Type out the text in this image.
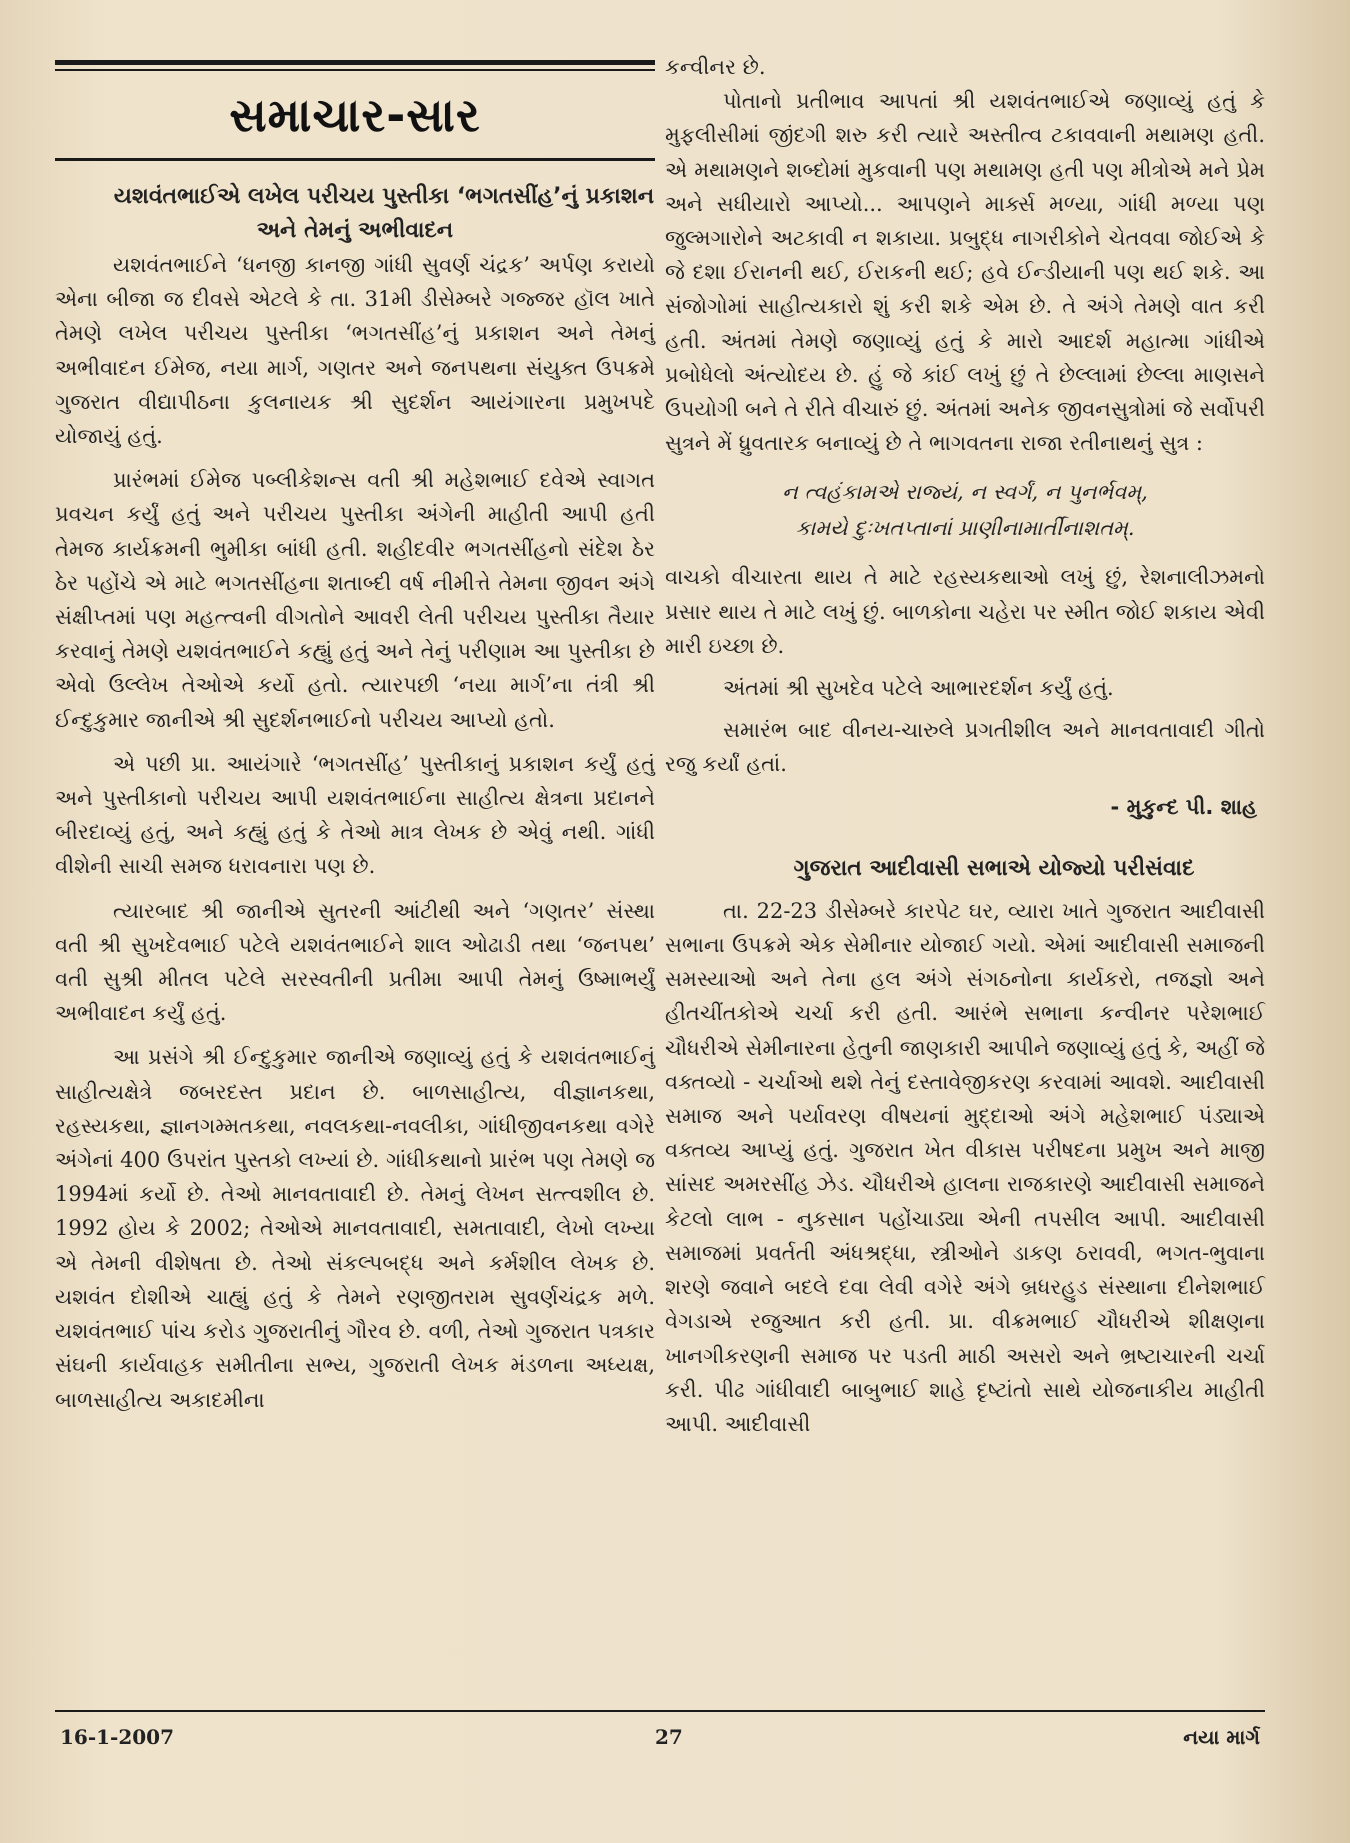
સમાચાર-સાર

યશવંતભાઈએ લખેલ પરીચય પુસ્તીકા ‘ભગતસીંહ’નું પ્રકાશન અને તેમનું અભીવાદન

યશવંતભાઈને ‘ધનજી કાનજી ગાંધી સુવર્ણ ચંદ્રક’ અર્પણ કરાયો એના બીજા જ દીવસે એટલે કે તા. 31મી ડીસેમ્બરે ગજ્જર હૉલ ખાતે તેમણે લખેલ પરીચય પુસ્તીકા ‘ભગતસીંહ’નું પ્રકાશન અને તેમનું અભીવાદન ઈમેજ, નયા માર્ગ, ગણતર અને જનપથના સંયુક્ત ઉપક્રમે ગુજરાત વીદ્યાપીઠના કુલનાયક શ્રી સુદર્શન આયંગારના પ્રમુખપદે યોજાયું હતું.

પ્રારંભમાં ઈમેજ પબ્લીકેશન્સ વતી શ્રી મહેશભાઈ દવેએ સ્વાગત પ્રવચન કર્યું હતું અને પરીચય પુસ્તીકા અંગેની માહીતી આપી હતી તેમજ કાર્યક્રમની ભુમીકા બાંધી હતી. શહીદવીર ભગતસીંહનો સંદેશ ઠેર ઠેર પહોંચે એ માટે ભગતસીંહના શતાબ્દી વર્ષ નીમીત્તે તેમના જીવન અંગે સંક્ષીપ્તમાં પણ મહત્ત્વની વીગતોને આવરી લેતી પરીચય પુસ્તીકા તૈયાર કરવાનું તેમણે યશવંતભાઈને કહ્યું હતું અને તેનું પરીણામ આ પુસ્તીકા છે એવો ઉલ્લેખ તેઓએ કર્યો હતો. ત્યારપછી ‘નયા માર્ગ’ના તંત્રી શ્રી ઈન્દુકુમાર જાનીએ શ્રી સુદર્શનભાઈનો પરીચય આપ્યો હતો.

એ પછી પ્રા. આયંગારે ‘ભગતસીંહ’ પુસ્તીકાનું પ્રકાશન કર્યું હતું અને પુસ્તીકાનો પરીચય આપી યશવંતભાઈના સાહીત્ય ક્ષેત્રના પ્રદાનને બીરદાવ્યું હતું, અને કહ્યું હતું કે તેઓ માત્ર લેખક છે એવું નથી. ગાંધી વીશેની સાચી સમજ ધરાવનારા પણ છે.

ત્યારબાદ શ્રી જાનીએ સુતરની આંટીથી અને ‘ગણતર’ સંસ્થા વતી શ્રી સુખદેવભાઈ પટેલે યશવંતભાઈને શાલ ઓઢાડી તથા ‘જનપથ’ વતી સુશ્રી મીતલ પટેલે સરસ્વતીની પ્રતીમા આપી તેમનું ઉષ્માભર્યું અભીવાદન કર્યું હતું.

આ પ્રસંગે શ્રી ઈન્દુકુમાર જાનીએ જણાવ્યું હતું કે યશવંતભાઈનું સાહીત્યક્ષેત્રે જબરદસ્ત પ્રદાન છે. બાળસાહીત્ય, વીજ્ઞાનકથા, રહસ્યકથા, જ્ઞાનગમ્મતકથા, નવલકથા-નવલીકા, ગાંધીજીવનકથા વગેરે અંગેનાં 400 ઉપરાંત પુસ્તકો લખ્યાં છે. ગાંધીકથાનો પ્રારંભ પણ તેમણે જ 1994માં કર્યો છે. તેઓ માનવતાવાદી છે. તેમનું લેખન સત્ત્વશીલ છે. 1992 હોય કે 2002; તેઓએ માનવતાવાદી, સમતાવાદી, લેખો લખ્યા એ તેમની વીશેષતા છે. તેઓ સંકલ્પબદ્ધ અને કર્મશીલ લેખક છે. યશવંત દોશીએ ચાહ્યું હતું કે તેમને રણજીતરામ સુવર્ણચંદ્રક મળે. યશવંતભાઈ પાંચ કરોડ ગુજરાતીનું ગૌરવ છે. વળી, તેઓ ગુજરાત પત્રકાર સંઘની કાર્યવાહક સમીતીના સભ્ય, ગુજરાતી લેખક મંડળના અધ્યક્ષ, બાળસાહીત્ય અકાદમીના

કન્વીનર છે.

પોતાનો પ્રતીભાવ આપતાં શ્રી યશવંતભાઈએ જણાવ્યું હતું કે મુફલીસીમાં જીંદગી શરુ કરી ત્યારે અસ્તીત્વ ટકાવવાની મથામણ હતી. એ મથામણને શબ્દોમાં મુકવાની પણ મથામણ હતી પણ મીત્રોએ મને પ્રેમ અને સધીયારો આપ્યો... આપણને માર્ક્સ મળ્યા, ગાંધી મળ્યા પણ જુલ્મગારોને અટકાવી ન શકાયા. પ્રબુદ્ધ નાગરીકોને ચેતવવા જોઈએ કે જે દશા ઈરાનની થઈ, ઈરાકની થઈ; હવે ઈન્ડીયાની પણ થઈ શકે. આ સંજોગોમાં સાહીત્યકારો શું કરી શકે એમ છે. તે અંગે તેમણે વાત કરી હતી. અંતમાં તેમણે જણાવ્યું હતું કે મારો આદર્શ મહાત્મા ગાંધીએ પ્રબોધેલો અંત્યોદય છે. હું જે કાંઈ લખું છું તે છેલ્લામાં છેલ્લા માણસને ઉપયોગી બને તે રીતે વીચારું છું. અંતમાં અનેક જીવનસુત્રોમાં જે સર્વોપરી સુત્રને મેં ધ્રુવતારક બનાવ્યું છે તે ભાગવતના રાજા રતીનાથનું સુત્ર :

ન ત્વહંકામએ રાજ્યં, ન સ્વર્ગં, ન પુનર્ભવમ્,
કામયે દુઃખતપ્તાનાં પ્રાણીનામાર્તીનાશતમ્.

વાચકો વીચારતા થાય તે માટે રહસ્યકથાઓ લખું છું, રેશનાલીઝમનો પ્રસાર થાય તે માટે લખું છું. બાળકોના ચહેરા પર સ્મીત જોઈ શકાય એવી મારી ઇચ્છા છે.

અંતમાં શ્રી સુખદેવ પટેલે આભારદર્શન કર્યું હતું.

સમારંભ બાદ વીનય-ચારુલે પ્રગતીશીલ અને માનવતાવાદી ગીતો રજુ કર્યાં હતાં.

- મુકુન્દ પી. શાહ

ગુજરાત આદીવાસી સભાએ યોજ્યો પરીસંવાદ

તા. 22-23 ડીસેમ્બરે કારપેટ ઘર, વ્યારા ખાતે ગુજરાત આદીવાસી સભાના ઉપક્રમે એક સેમીનાર યોજાઈ ગયો. એમાં આદીવાસી સમાજની સમસ્યાઓ અને તેના હલ અંગે સંગઠનોના કાર્યકરો, તજજ્ઞો અને હીતચીંતકોએ ચર્ચા કરી હતી. આરંભે સભાના કન્વીનર પરેશભાઈ ચૌધરીએ સેમીનારના હેતુની જાણકારી આપીને જણાવ્યું હતું કે, અહીં જે વક્તવ્યો - ચર્ચાઓ થશે તેનું દસ્તાવેજીકરણ કરવામાં આવશે. આદીવાસી સમાજ અને પર્યાવરણ વીષયનાં મુદ્દાઓ અંગે મહેશભાઈ પંડ્યાએ વક્તવ્ય આપ્યું હતું. ગુજરાત ખેત વીકાસ પરીષદના પ્રમુખ અને માજી સાંસદ અમરસીંહ ઝેડ. ચૌધરીએ હાલના રાજકારણે આદીવાસી સમાજને કેટલો લાભ - નુકસાન પહોંચાડ્યા એની તપસીલ આપી. આદીવાસી સમાજમાં પ્રવર્તતી અંધશ્રદ્ધા, સ્ત્રીઓને ડાકણ ઠરાવવી, ભગત-ભુવાના શરણે જવાને બદલે દવા લેવી વગેરે અંગે બ્રધરહુડ સંસ્થાના દીનેશભાઈ વેગડાએ રજુઆત કરી હતી. પ્રા. વીક્રમભાઈ ચૌધરીએ શીક્ષણના ખાનગીકરણની સમાજ પર પડતી માઠી અસરો અને ભ્રષ્ટાચારની ચર્ચા કરી. પીઢ ગાંધીવાદી બાબુભાઈ શાહે દૃષ્ટાંતો સાથે યોજનાકીય માહીતી આપી. આદીવાસી

16-1-2007	27	નયા માર્ગ
